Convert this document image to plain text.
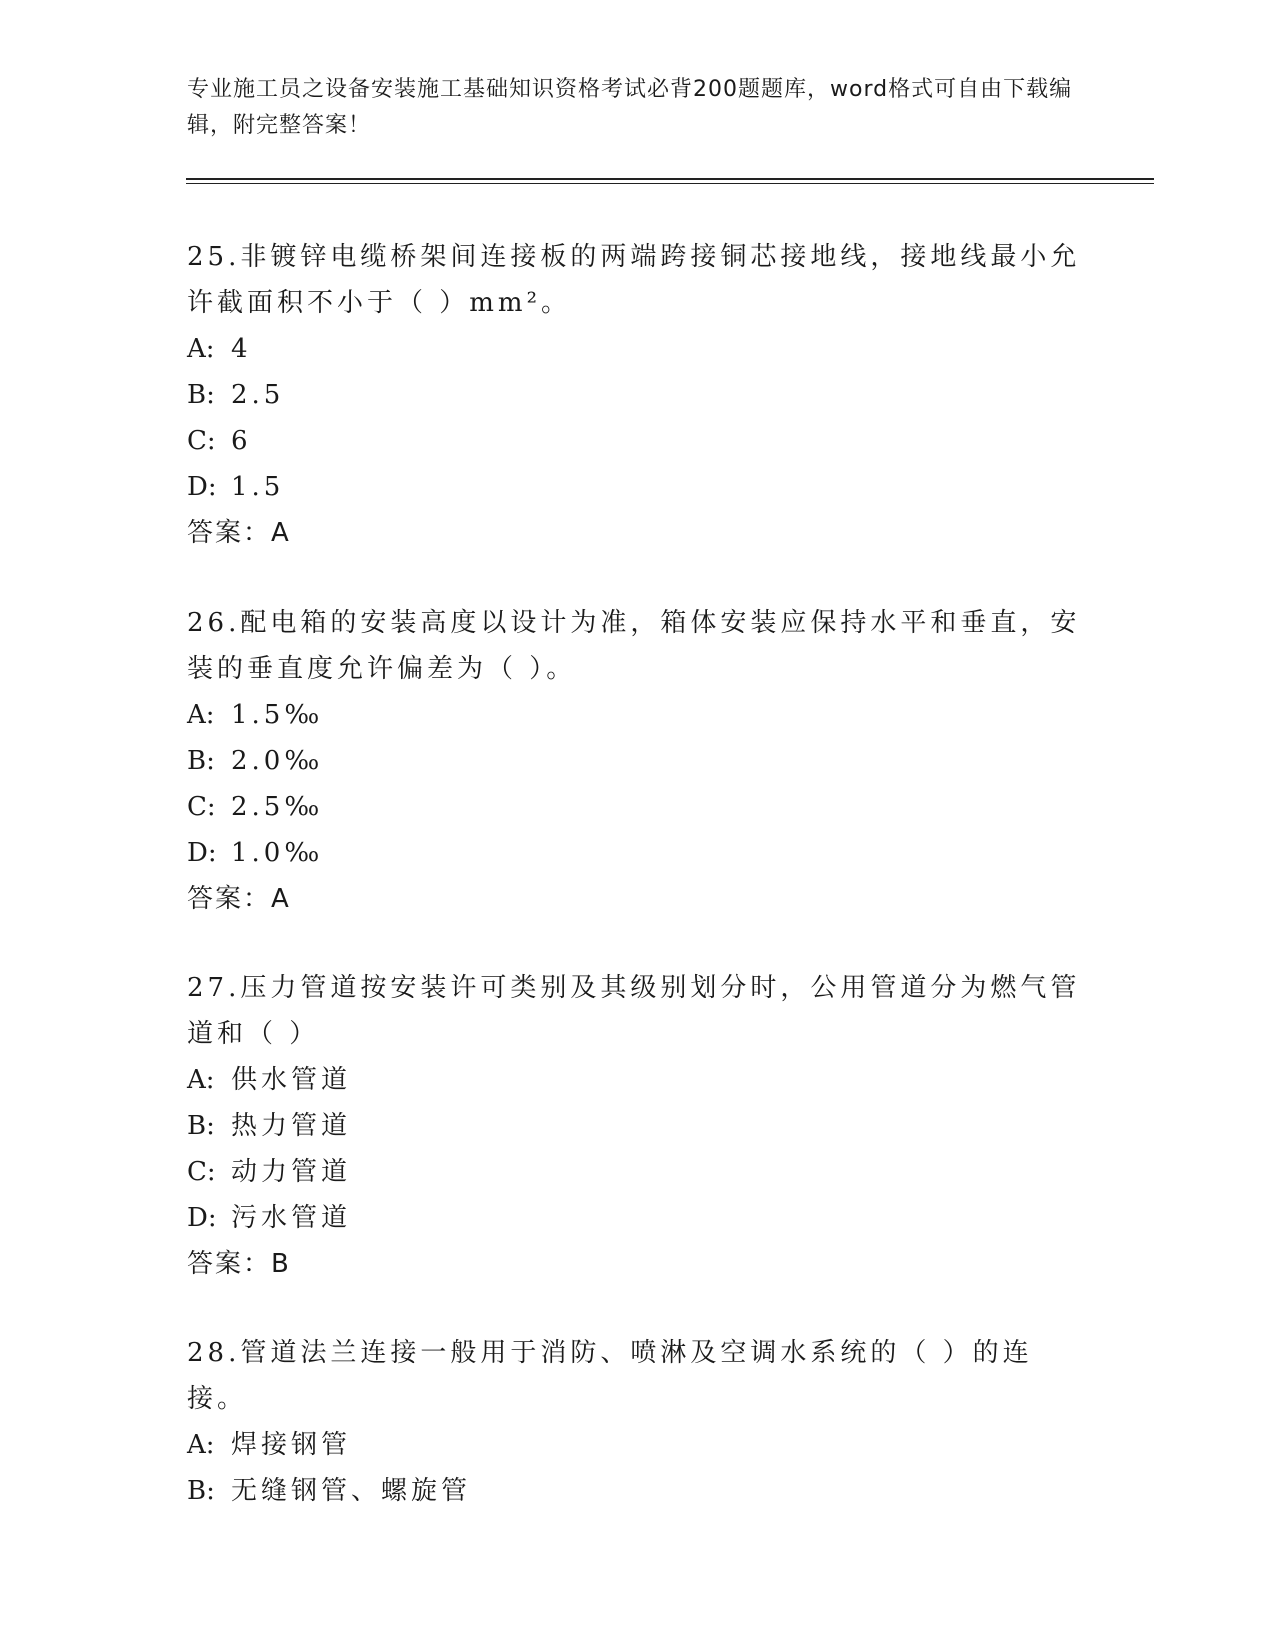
专业施工员之设备安装施工基础知识资格考试必背200题题库，word格式可自由下载编辑，附完整答案！

25.非镀锌电缆桥架间连接板的两端跨接铜芯接地线，接地线最小允许截面积不小于（ ）mm²。

A: 4

B: 2.5

C: 6

D: 1.5

答案：A

26.配电箱的安装高度以设计为准，箱体安装应保持水平和垂直，安装的垂直度允许偏差为（ ）。

A: 1.5‰

B: 2.0‰

C: 2.5‰

D: 1.0‰

答案：A

27.压力管道按安装许可类别及其级别划分时，公用管道分为燃气管道和（ ）

A: 供水管道

B: 热力管道

C: 动力管道

D: 污水管道

答案：B

28.管道法兰连接一般用于消防、喷淋及空调水系统的（ ）的连接。

A: 焊接钢管

B: 无缝钢管、螺旋管
